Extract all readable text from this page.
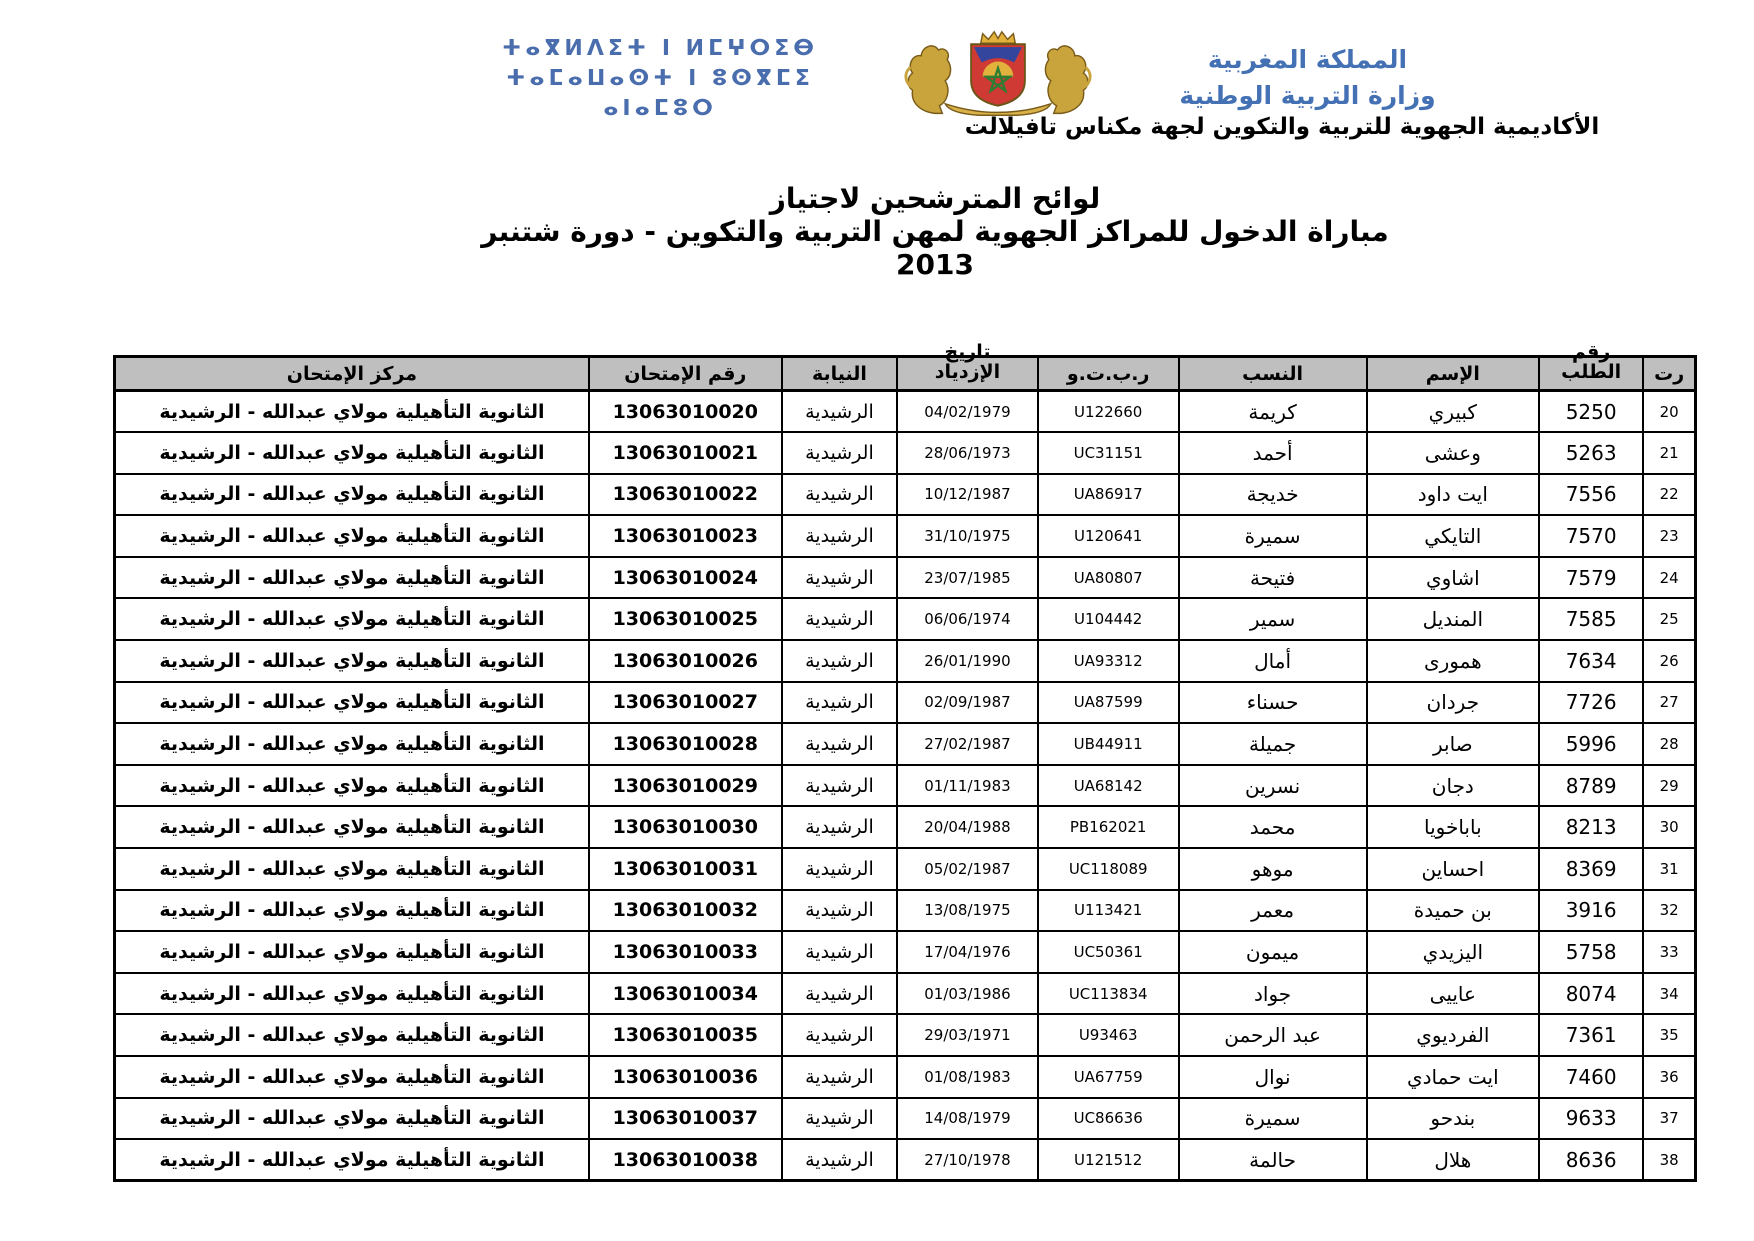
ⵜⴰⴳⵍⴷⵉⵜ ⵏ ⵍⵎⵖⵔⵉⴱ
ⵜⴰⵎⴰⵡⴰⵙⵜ ⵏ ⵓⵙⴳⵎⵉ
ⴰⵏⴰⵎⵓⵔ
المملكة المغربية
وزارة التربية الوطنية
الأكاديمية الجهوية للتربية والتكوين لجهة مكناس تافيلالت
لوائح المترشحين لاجتياز
مباراة الدخول للمراكز الجهوية لمهن التربية والتكوين - دورة شتنبر
2013
رت	رقم الطلب	الإسم	النسب	ر.ب.ت.و	تاريخ الإزدياد	النيابة	رقم الإمتحان	مركز الإمتحان
20	5250	كبيري	كريمة	U122660	04/02/1979	الرشيدية	13063010020	الثانوية التأهيلية مولاي عبدالله - الرشيدية
21	5263	وعشى	أحمد	UC31151	28/06/1973	الرشيدية	13063010021	الثانوية التأهيلية مولاي عبدالله - الرشيدية
22	7556	ايت داود	خديجة	UA86917	10/12/1987	الرشيدية	13063010022	الثانوية التأهيلية مولاي عبدالله - الرشيدية
23	7570	التايكي	سميرة	U120641	31/10/1975	الرشيدية	13063010023	الثانوية التأهيلية مولاي عبدالله - الرشيدية
24	7579	اشاوي	فتيحة	UA80807	23/07/1985	الرشيدية	13063010024	الثانوية التأهيلية مولاي عبدالله - الرشيدية
25	7585	المنديل	سمير	U104442	06/06/1974	الرشيدية	13063010025	الثانوية التأهيلية مولاي عبدالله - الرشيدية
26	7634	همورى	أمال	UA93312	26/01/1990	الرشيدية	13063010026	الثانوية التأهيلية مولاي عبدالله - الرشيدية
27	7726	جردان	حسناء	UA87599	02/09/1987	الرشيدية	13063010027	الثانوية التأهيلية مولاي عبدالله - الرشيدية
28	5996	صابر	جميلة	UB44911	27/02/1987	الرشيدية	13063010028	الثانوية التأهيلية مولاي عبدالله - الرشيدية
29	8789	دجان	نسرين	UA68142	01/11/1983	الرشيدية	13063010029	الثانوية التأهيلية مولاي عبدالله - الرشيدية
30	8213	باباخويا	محمد	PB162021	20/04/1988	الرشيدية	13063010030	الثانوية التأهيلية مولاي عبدالله - الرشيدية
31	8369	احساين	موهو	UC118089	05/02/1987	الرشيدية	13063010031	الثانوية التأهيلية مولاي عبدالله - الرشيدية
32	3916	بن حميدة	معمر	U113421	13/08/1975	الرشيدية	13063010032	الثانوية التأهيلية مولاي عبدالله - الرشيدية
33	5758	اليزيدي	ميمون	UC50361	17/04/1976	الرشيدية	13063010033	الثانوية التأهيلية مولاي عبدالله - الرشيدية
34	8074	عاييى	جواد	UC113834	01/03/1986	الرشيدية	13063010034	الثانوية التأهيلية مولاي عبدالله - الرشيدية
35	7361	الفرديوي	عبد الرحمن	U93463	29/03/1971	الرشيدية	13063010035	الثانوية التأهيلية مولاي عبدالله - الرشيدية
36	7460	ايت حمادي	نوال	UA67759	01/08/1983	الرشيدية	13063010036	الثانوية التأهيلية مولاي عبدالله - الرشيدية
37	9633	بندحو	سميرة	UC86636	14/08/1979	الرشيدية	13063010037	الثانوية التأهيلية مولاي عبدالله - الرشيدية
38	8636	هلال	حالمة	U121512	27/10/1978	الرشيدية	13063010038	الثانوية التأهيلية مولاي عبدالله - الرشيدية
